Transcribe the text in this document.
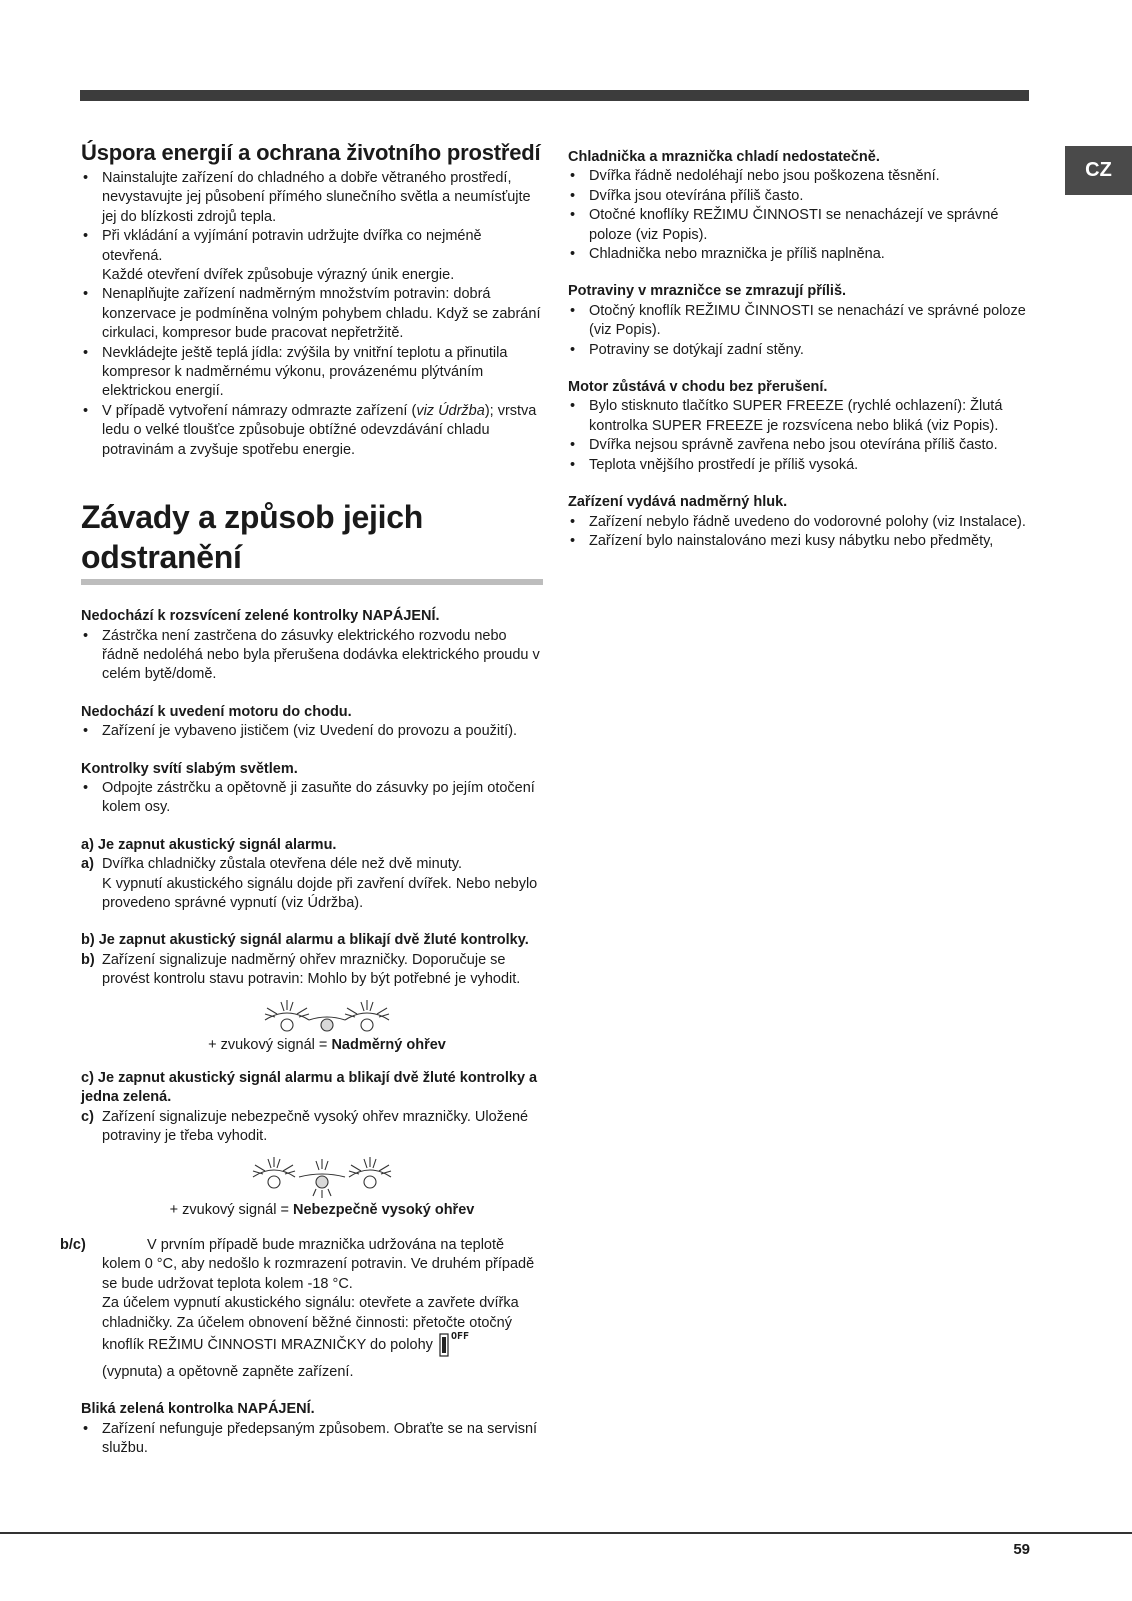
CZ
Úspora energií a ochrana životního prostředí
• Nainstalujte zařízení do chladného a dobře větraného prostředí, nevystavujte jej působení přímého slunečního světla a neumísťujte jej do blízkosti zdrojů tepla.
• Při vkládání a vyjímání potravin udržujte dvířka co nejméně otevřená.
Každé otevření dvířek způsobuje výrazný únik energie.
• Nenaplňujte zařízení nadměrným množstvím potravin: dobrá konzervace je podmíněna volným pohybem chladu. Když se zabrání cirkulaci, kompresor bude pracovat nepřetržitě.
• Nevkládejte ještě teplá jídla: zvýšila by vnitřní teplotu a přinutila kompresor k nadměrnému výkonu, provázenému plýtváním elektrickou energií.
• V případě vytvoření námrazy odmrazte zařízení (viz Údržba); vrstva ledu o velké tloušťce způsobuje obtížné odevzdávání chladu potravinám a zvyšuje spotřebu energie.
Závady a způsob jejich odstranění

Nedochází k rozsvícení zelené kontrolky NAPÁJENÍ.

• Zástrčka není zastrčena do zásuvky elektrického rozvodu nebo řádně nedoléhá nebo byla přerušena dodávka elektrického proudu v celém bytě/domě.

Nedochází k uvedení motoru do chodu.

• Zařízení je vybaveno jističem (viz Uvedení do provozu a použití).

Kontrolky svítí slabým světlem.

• Odpojte zástrčku a opětovně ji zasuňte do zásuvky po jejím otočení kolem osy.

a) Je zapnut akustický signál alarmu.

a) Dvířka chladničky zůstala otevřena déle než dvě minuty.
K vypnutí akustického signálu dojde při zavření dvířek. Nebo nebylo provedeno správné vypnutí (viz Údržba).

b) Je zapnut akustický signál alarmu a blikají dvě žluté kontrolky.

b) Zařízení signalizuje nadměrný ohřev mrazničky. Doporučuje se provést kontrolu stavu potravin: Mohlo by být potřebné je vyhodit.
+ zvukový signál = Nadměrný ohřev

c) Je zapnut akustický signál alarmu a blikají dvě žluté kontrolky a jedna zelená.

c) Zařízení signalizuje nebezpečně vysoký ohřev mrazničky. Uložené potraviny je třeba vyhodit.
+ zvukový signál = Nebezpečně vysoký ohřev
b/c)	V prvním případě bude mraznička udržována na teplotě kolem 0 °C, aby nedošlo k rozmrazení potravin. Ve druhém případě se bude udržovat teplota kolem -18 °C.
Za účelem vypnutí akustického signálu: otevřete a zavřete dvířka chladničky. Za účelem obnovení běžné činnosti: přetočte otočný knoflík REŽIMU ČINNOSTI MRAZNIČKY do polohy $^{OFF}$
(vypnuta) a opětovně zapněte zařízení.

Bliká zelená kontrolka NAPÁJENÍ.

• Zařízení nefunguje předepsaným způsobem. Obraťte se na servisní službu.

Chladnička a mraznička chladí nedostatečně.

• Dvířka řádně nedoléhají nebo jsou poškozena těsnění.
• Dvířka jsou otevírána příliš často.
• Otočné knoflíky REŽIMU ČINNOSTI se nenacházejí ve správné poloze (viz Popis).
• Chladnička nebo mraznička je příliš naplněna.

Potraviny v mrazničce se zmrazují příliš.

• Otočný knoflík REŽIMU ČINNOSTI se nenachází ve správné poloze (viz Popis).
• Potraviny se dotýkají zadní stěny.

Motor zůstává v chodu bez přerušení.

• Bylo stisknuto tlačítko SUPER FREEZE (rychlé ochlazení): Žlutá kontrolka SUPER FREEZE je rozsvícena nebo bliká (viz Popis).
• Dvířka nejsou správně zavřena nebo jsou otevírána příliš často.
• Teplota vnějšího prostředí je příliš vysoká.

Zařízení vydává nadměrný hluk.

• Zařízení nebylo řádně uvedeno do vodorovné polohy (viz Instalace).
• Zařízení bylo nainstalováno mezi kusy nábytku nebo předměty,
59
